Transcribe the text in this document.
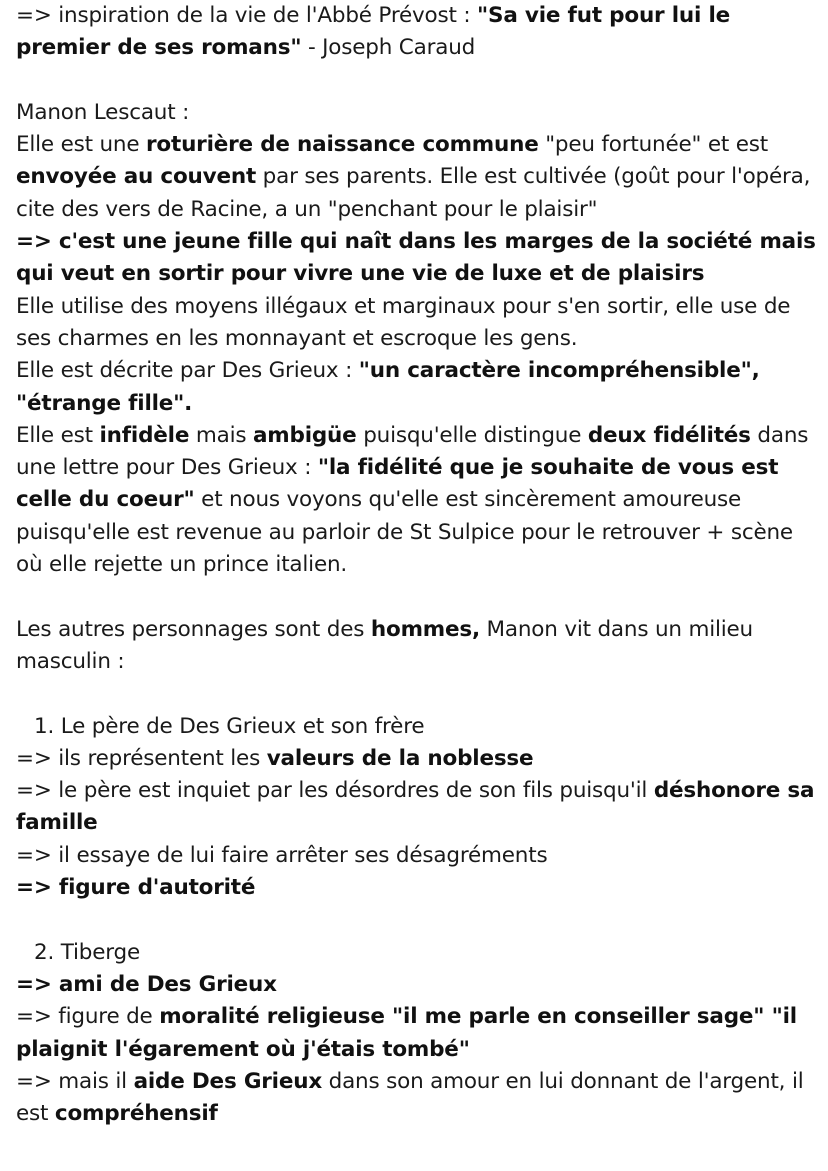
=> inspiration de la vie de l'Abbé Prévost : "Sa vie fut pour lui le premier de ses romans" - Joseph Caraud

Manon Lescaut :

Elle est une roturière de naissance commune "peu fortunée" et est envoyée au couvent par ses parents. Elle est cultivée (goût pour l'opéra, cite des vers de Racine, a un "penchant pour le plaisir"

=> c'est une jeune fille qui naît dans les marges de la société mais qui veut en sortir pour vivre une vie de luxe et de plaisirs

Elle utilise des moyens illégaux et marginaux pour s'en sortir, elle use de ses charmes en les monnayant et escroque les gens.

Elle est décrite par Des Grieux : "un caractère incompréhensible", "étrange fille".

Elle est infidèle mais ambigüe puisqu'elle distingue deux fidélités dans une lettre pour Des Grieux : "la fidélité que je souhaite de vous est celle du coeur" et nous voyons qu'elle est sincèrement amoureuse puisqu'elle est revenue au parloir de St Sulpice pour le retrouver + scène où elle rejette un prince italien.

Les autres personnages sont des hommes, Manon vit dans un milieu masculin :

1. Le père de Des Grieux et son frère

=> ils représentent les valeurs de la noblesse

=> le père est inquiet par les désordres de son fils puisqu'il déshonore sa famille

=> il essaye de lui faire arrêter ses désagréments

=> figure d'autorité

2. Tiberge

=> ami de Des Grieux

=> figure de moralité religieuse "il me parle en conseiller sage" "il plaignit l'égarement où j'étais tombé"

=> mais il aide Des Grieux dans son amour en lui donnant de l'argent, il est compréhensif
